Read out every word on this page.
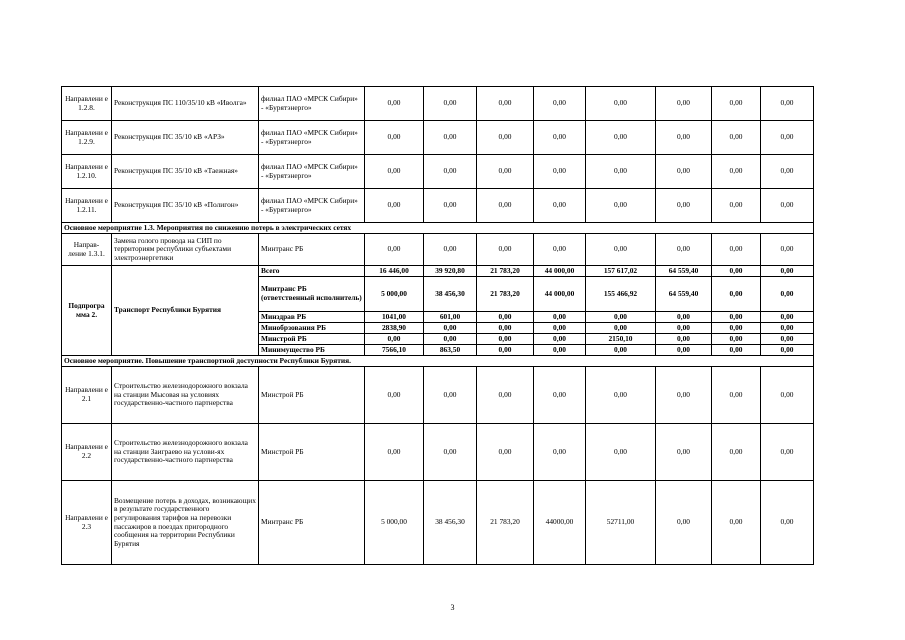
Направлени е 1.2.8.	Реконструкция ПС 110/35/10 кВ «Иволга»	филиал ПАО «МРСК Сибири» - «Бурятэнерго»	0,00	0,00	0,00	0,00	0,00	0,00	0,00	0,00
Направлени е 1.2.9.	Реконструкция ПС 35/10 кВ «АРЗ»	филиал ПАО «МРСК Сибири» - «Бурятэнерго»	0,00	0,00	0,00	0,00	0,00	0,00	0,00	0,00
Направлени е 1.2.10.	Реконструкция ПС 35/10 кВ «Таежная»	филиал ПАО «МРСК Сибири» - «Бурятэнерго»	0,00	0,00	0,00	0,00	0,00	0,00	0,00	0,00
Направлени е 1.2.11.	Реконструкция ПС 35/10 кВ «Полигон»	филиал ПАО «МРСК Сибири» - «Бурятэнерго»	0,00	0,00	0,00	0,00	0,00	0,00	0,00	0,00
Основное мероприятие 1.3. Мероприятия по снижению потерь в электрических сетях										
Направ- ление 1.3.1.	Замена голого провода на СИП по территориям республики субъектами электроэнергетики	Минтранс РБ	0,00	0,00	0,00	0,00	0,00	0,00	0,00	0,00
Подпрогра мма 2.	Транспорт Республики Бурятия	Всего	16 446,00	39 920,80	21 783,20	44 000,00	157 617,02	64 559,40	0,00	0,00
		Минтранс РБ (ответственный исполнитель)	5 000,00	38 456,30	21 783,20	44 000,00	155 466,92	64 559,40	0,00	0,00
		Минздрав РБ	1041,00	601,00	0,00	0,00	0,00	0,00	0,00	0,00
		Минобрзования РБ	2838,90	0,00	0,00	0,00	0,00	0,00	0,00	0,00
		Минстрой РБ	0,00	0,00	0,00	0,00	2150,10	0,00	0,00	0,00
		Минимущество РБ	7566,10	863,50	0,00	0,00	0,00	0,00	0,00	0,00
Основное мероприятие. Повышение транспортной доступности Республики Бурятия.										
Направлени е 2.1	Строительство железнодорожного вокзала на станции Мысовая на условиях государственно-частного партнерства	Минстрой РБ	0,00	0,00	0,00	0,00	0,00	0,00	0,00	0,00
Направлени е 2.2	Строительство железнодорожного вокзала на станции Заиграево на услови-ях государственно-частного партнерства	Минстрой РБ	0,00	0,00	0,00	0,00	0,00	0,00	0,00	0,00
Направлени е 2.3	Возмещение потерь в доходах, возникающих в результате государственного регулирования тарифов на перевозки пассажиров в поездах пригородного сообщения на территории Республики Бурятия	Минтранс РБ	5 000,00	38 456,30	21 783,20	44000,00	52711,00	0,00	0,00	0,00
3
